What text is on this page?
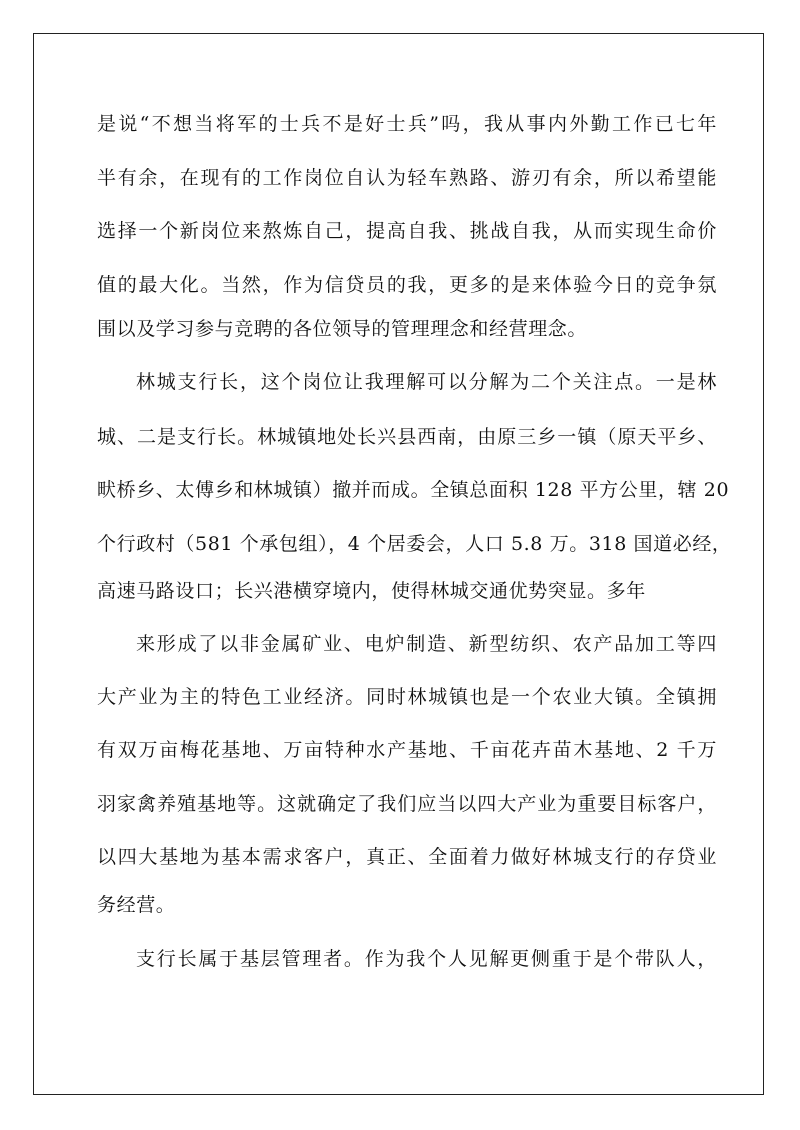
是说“不想当将军的士兵不是好士兵”吗，我从事内外勤工作已七年
半有余，在现有的工作岗位自认为轻车熟路、游刃有余，所以希望能
选择一个新岗位来熬炼自己，提高自我、挑战自我，从而实现生命价
值的最大化。当然，作为信贷员的我，更多的是来体验今日的竞争氛
围以及学习参与竞聘的各位领导的管理理念和经营理念。
林城支行长，这个岗位让我理解可以分解为二个关注点。一是林
城、二是支行长。林城镇地处长兴县西南，由原三乡一镇（原天平乡、
畎桥乡、太傅乡和林城镇）撤并而成。全镇总面积 128 平方公里，辖 20
个行政村（581 个承包组），4 个居委会，人口 5.8 万。318 国道必经，
高速马路设口；长兴港横穿境内，使得林城交通优势突显。多年
来形成了以非金属矿业、电炉制造、新型纺织、农产品加工等四
大产业为主的特色工业经济。同时林城镇也是一个农业大镇。全镇拥
有双万亩梅花基地、万亩特种水产基地、千亩花卉苗木基地、2 千万
羽家禽养殖基地等。这就确定了我们应当以四大产业为重要目标客户，
以四大基地为基本需求客户，真正、全面着力做好林城支行的存贷业
务经营。
支行长属于基层管理者。作为我个人见解更侧重于是个带队人，
